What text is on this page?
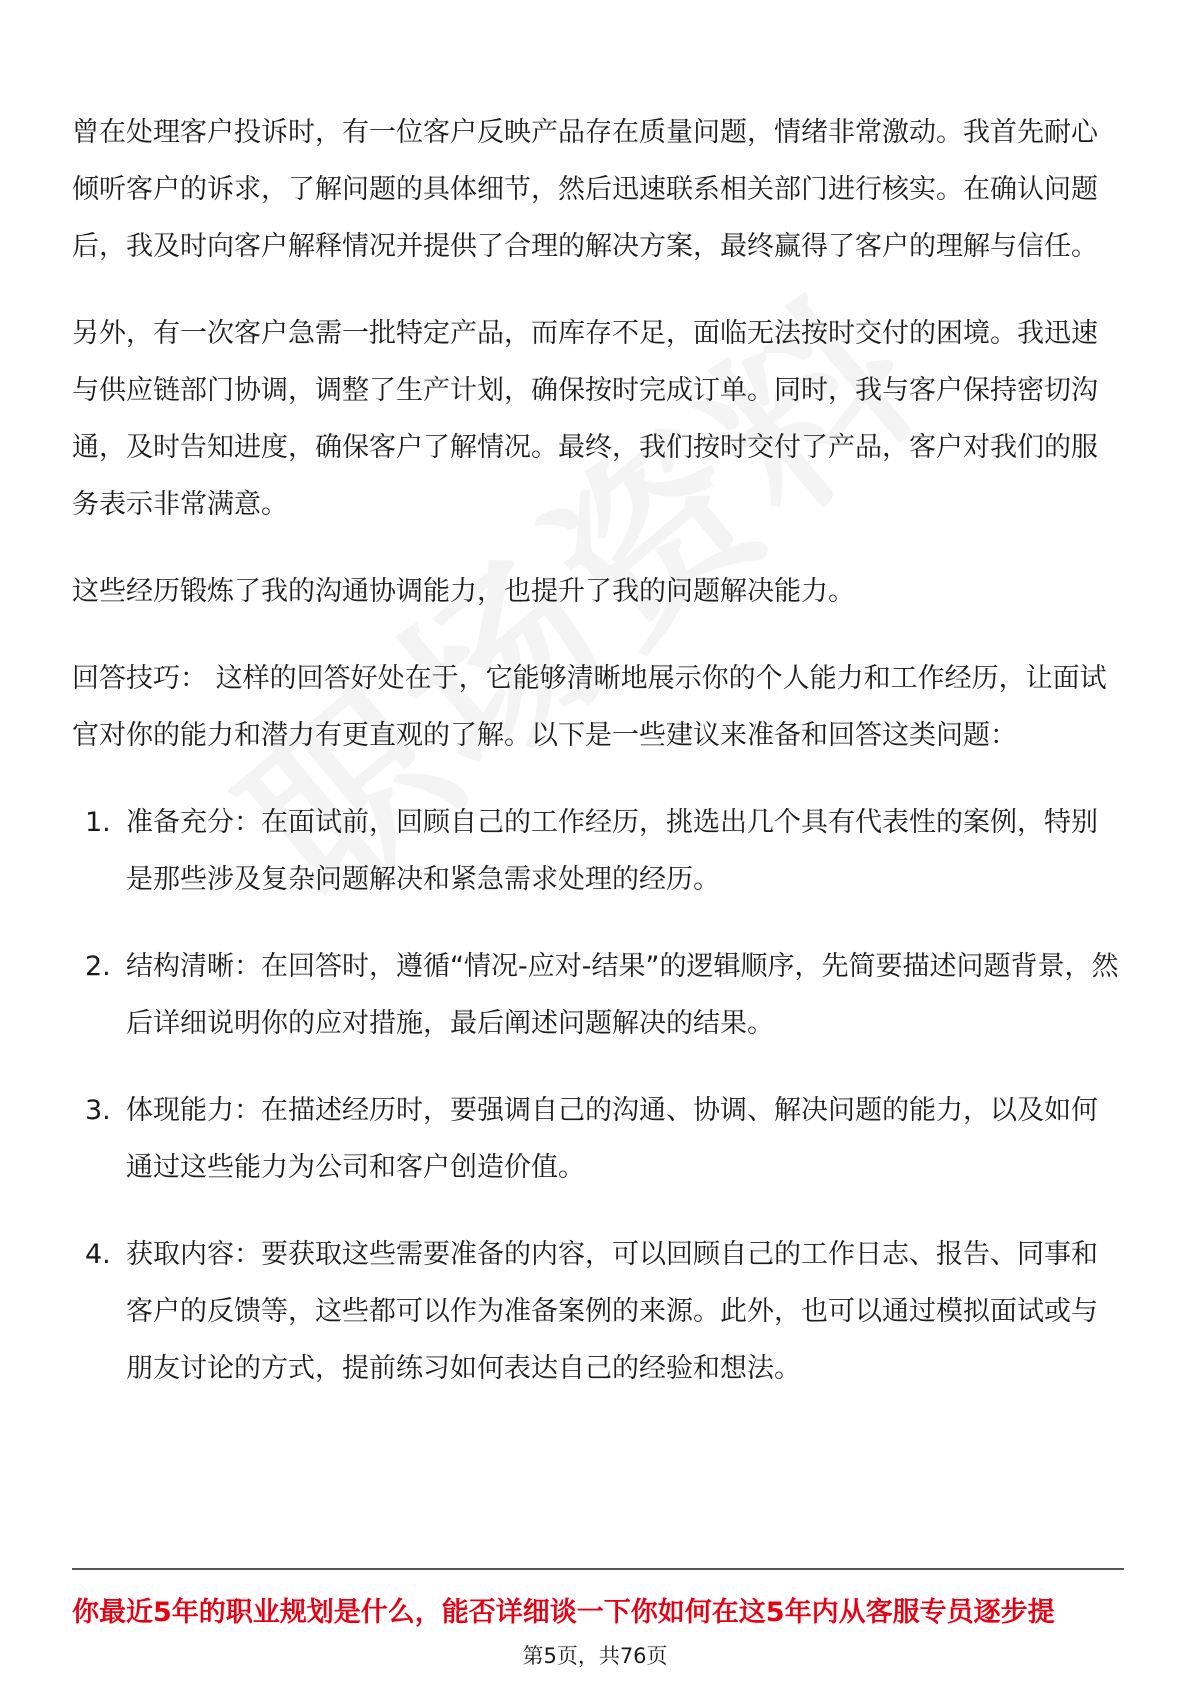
曾在处理客户投诉时，有一位客户反映产品存在质量问题，情绪非常激动。我首先耐心倾听客户的诉求，了解问题的具体细节，然后迅速联系相关部门进行核实。在确认问题后，我及时向客户解释情况并提供了合理的解决方案，最终赢得了客户的理解与信任。

另外，有一次客户急需一批特定产品，而库存不足，面临无法按时交付的困境。我迅速与供应链部门协调，调整了生产计划，确保按时完成订单。同时，我与客户保持密切沟通，及时告知进度，确保客户了解情况。最终，我们按时交付了产品，客户对我们的服务表示非常满意。

这些经历锻炼了我的沟通协调能力，也提升了我的问题解决能力。

回答技巧： 这样的回答好处在于，它能够清晰地展示你的个人能力和工作经历，让面试官对你的能力和潜力有更直观的了解。以下是一些建议来准备和回答这类问题：

1. 准备充分：在面试前，回顾自己的工作经历，挑选出几个具有代表性的案例，特别是那些涉及复杂问题解决和紧急需求处理的经历。
2. 结构清晰：在回答时，遵循“情况-应对-结果”的逻辑顺序，先简要描述问题背景，然后详细说明你的应对措施，最后阐述问题解决的结果。
3. 体现能力：在描述经历时，要强调自己的沟通、协调、解决问题的能力，以及如何通过这些能力为公司和客户创造价值。
4. 获取内容：要获取这些需要准备的内容，可以回顾自己的工作日志、报告、同事和客户的反馈等，这些都可以作为准备案例的来源。此外，也可以通过模拟面试或与朋友讨论的方式，提前练习如何表达自己的经验和想法。
你最近5年的职业规划是什么，能否详细谈一下你如何在这5年内从客服专员逐步提
第5页，共76页
